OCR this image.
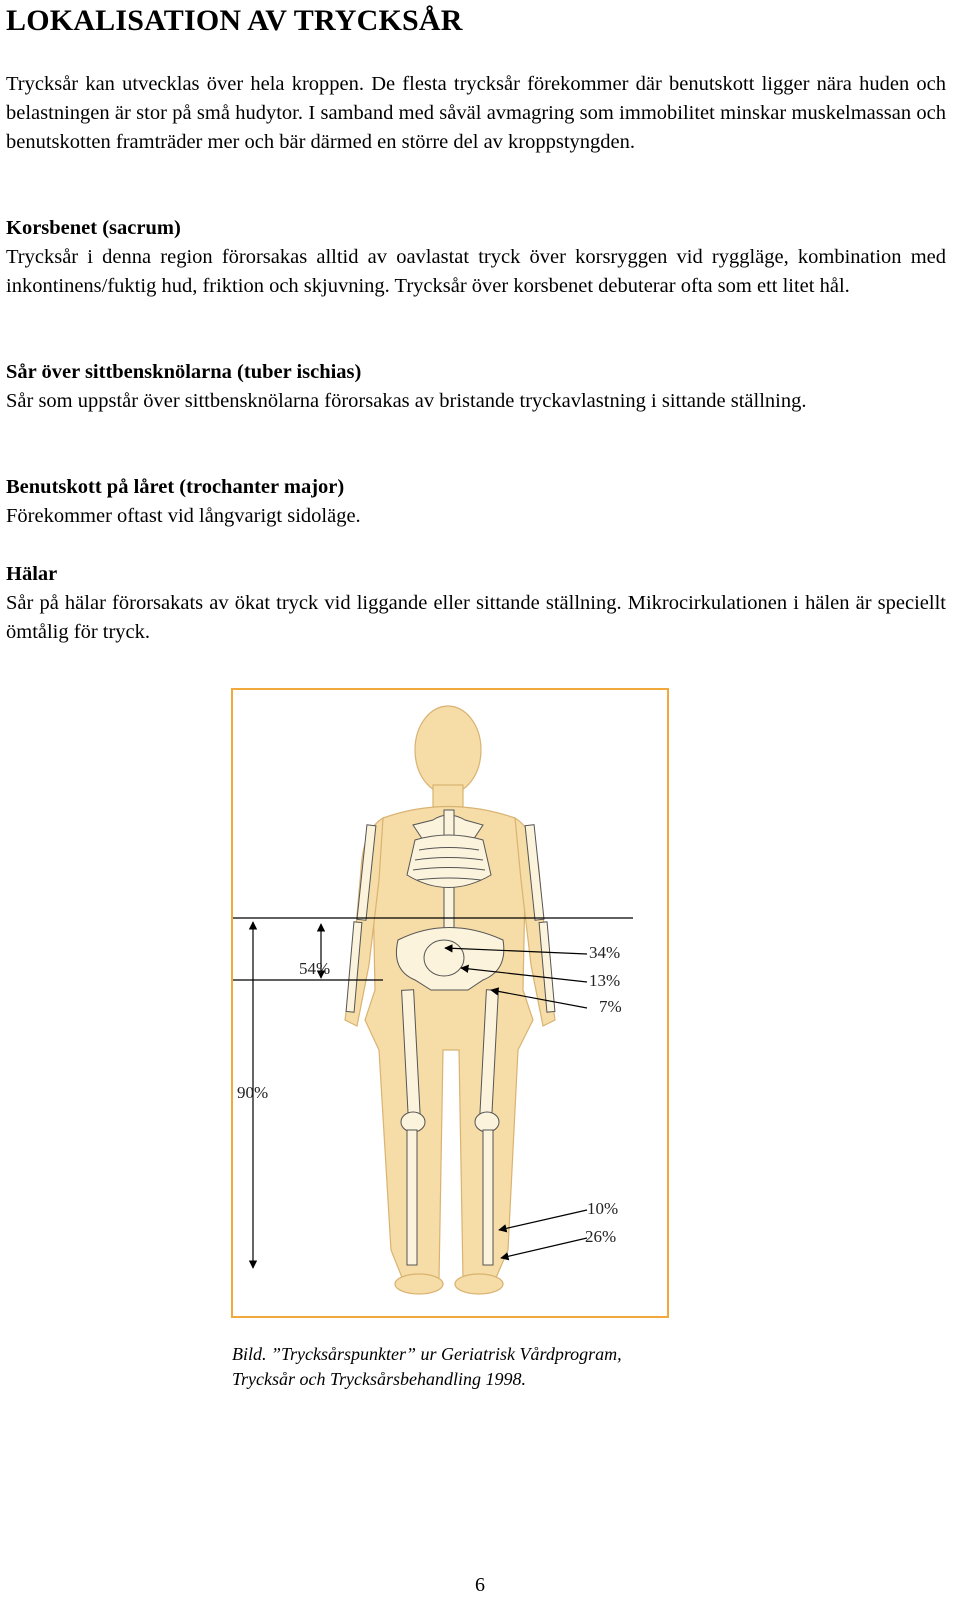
LOKALISATION AV TRYCKSÅR

Trycksår kan utvecklas över hela kroppen. De flesta trycksår förekommer där benutskott ligger nära huden och belastningen är stor på små hudytor. I samband med såväl avmagring som immobilitet minskar muskelmassan och benutskotten framträder mer och bär därmed en större del av kroppstyngden.

Korsbenet (sacrum)
Trycksår i denna region förorsakas alltid av oavlastat tryck över korsryggen vid ryggläge, kombination med inkontinens/fuktig hud, friktion och skjuvning. Trycksår över korsbenet debuterar ofta som ett litet hål.

Sår över sittbensknölarna (tuber ischias)
Sår som uppstår över sittbensknölarna förorsakas av bristande tryckavlastning i sittande ställning.

Benutskott på låret (trochanter major)
Förekommer oftast vid långvarigt sidoläge.

Hälar
Sår på hälar förorsakats av ökat tryck vid liggande eller sittande ställning. Mikrocirkulationen i hälen är speciellt ömtålig för tryck.

54%
90%
34%
13%
7%
10%
26%

Bild. ”Trycksårspunkter” ur Geriatrisk Vårdprogram,
Trycksår och Trycksårsbehandling 1998.

6
